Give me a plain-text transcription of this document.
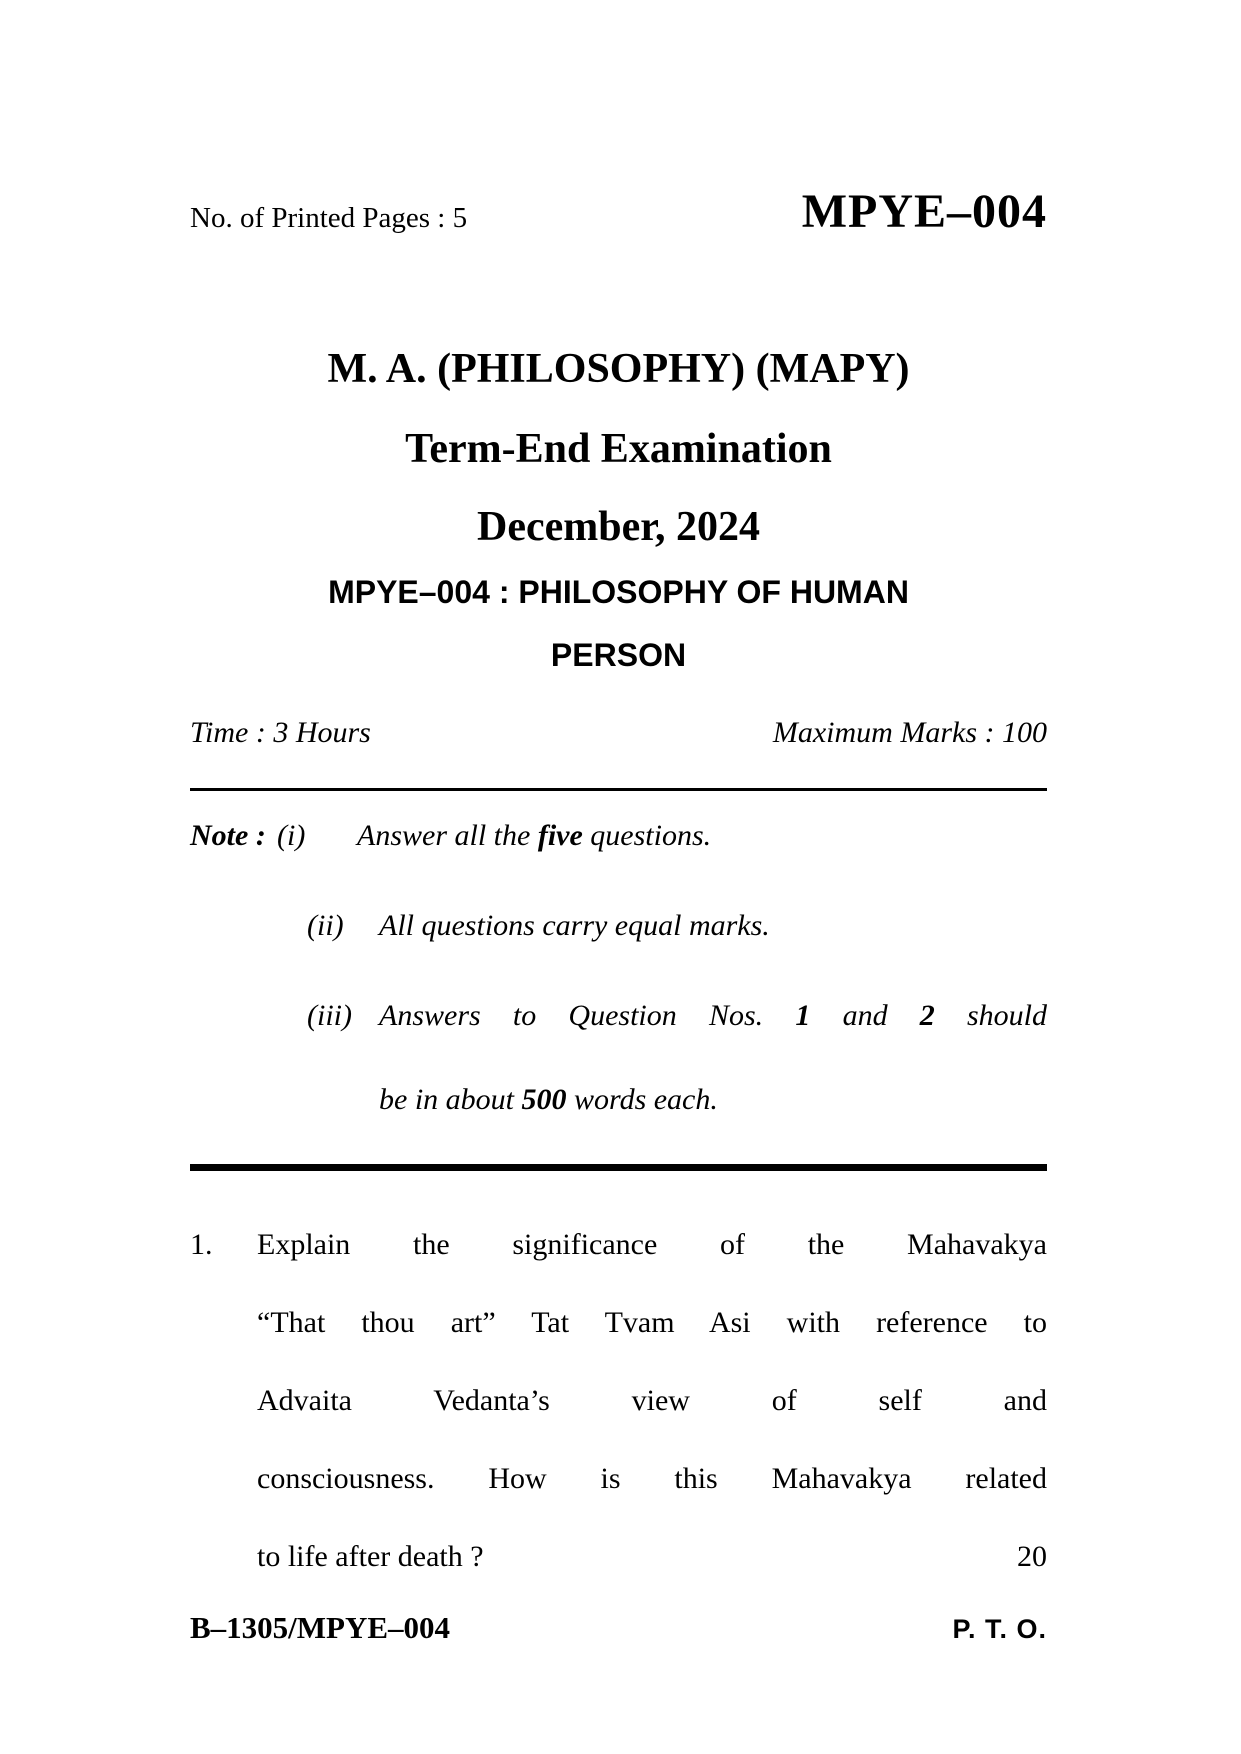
No. of Printed Pages : 5	MPYE–004
M. A. (PHILOSOPHY) (MAPY)
Term-End Examination
December, 2024
MPYE–004 : PHILOSOPHY OF HUMAN
PERSON
Time : 3 Hours	Maximum Marks : 100
Note : (i) Answer all the five questions.
(ii) All questions carry equal marks.
(iii) Answers to Question Nos. 1 and 2 should
be in about 500 words each.
1. Explain the significance of the Mahavakya
“That thou art” Tat Tvam Asi with reference to
Advaita Vedanta’s view of self and
consciousness. How is this Mahavakya related
to life after death ?	20
B–1305/MPYE–004	P. T. O.
